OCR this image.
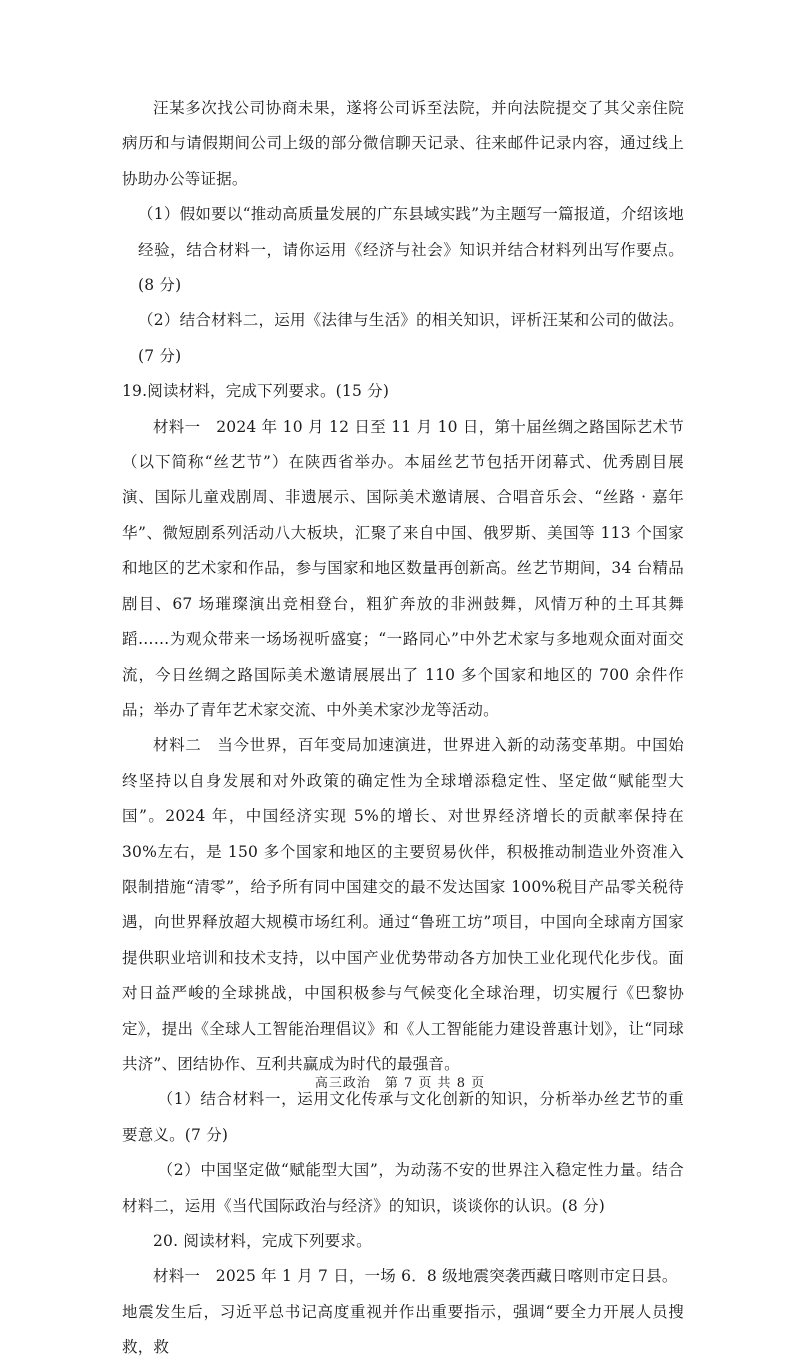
汪某多次找公司协商未果，遂将公司诉至法院，并向法院提交了其父亲住院病历和与请假期间公司上级的部分微信聊天记录、往来邮件记录内容，通过线上协助办公等证据。

（1）假如要以“推动高质量发展的广东县域实践”为主题写一篇报道，介绍该地经验，结合材料一，请你运用《经济与社会》知识并结合材料列出写作要点。(8 分)

（2）结合材料二，运用《法律与生活》的相关知识，评析汪某和公司的做法。(7 分)

19.阅读材料，完成下列要求。(15 分)

材料一　2024 年 10 月 12 日至 11 月 10 日，第十届丝绸之路国际艺术节（以下简称“丝艺节”）在陕西省举办。本届丝艺节包括开闭幕式、优秀剧目展演、国际儿童戏剧周、非遗展示、国际美术邀请展、合唱音乐会、“丝路 · 嘉年华”、微短剧系列活动八大板块，汇聚了来自中国、俄罗斯、美国等 113 个国家和地区的艺术家和作品，参与国家和地区数量再创新高。丝艺节期间，34 台精品剧目、67 场璀璨演出竞相登台，粗犷奔放的非洲鼓舞，风情万种的土耳其舞蹈……为观众带来一场场视听盛宴；“一路同心”中外艺术家与多地观众面对面交流，今日丝绸之路国际美术邀请展展出了 110 多个国家和地区的 700 余件作品；举办了青年艺术家交流、中外美术家沙龙等活动。

材料二　当今世界，百年变局加速演进，世界进入新的动荡变革期。中国始终坚持以自身发展和对外政策的确定性为全球增添稳定性、坚定做“赋能型大国”。2024 年，中国经济实现 5%的增长、对世界经济增长的贡献率保持在 30%左右，是 150 多个国家和地区的主要贸易伙伴，积极推动制造业外资准入限制措施“清零”，给予所有同中国建交的最不发达国家 100%税目产品零关税待遇，向世界释放超大规模市场红利。通过“鲁班工坊”项目，中国向全球南方国家提供职业培训和技术支持，以中国产业优势带动各方加快工业化现代化步伐。面对日益严峻的全球挑战，中国积极参与气候变化全球治理，切实履行《巴黎协定》，提出《全球人工智能治理倡议》和《人工智能能力建设普惠计划》，让“同球共济”、团结协作、互利共赢成为时代的最强音。

（1）结合材料一，运用文化传承与文化创新的知识，分析举办丝艺节的重要意义。(7 分)

（2）中国坚定做“赋能型大国”，为动荡不安的世界注入稳定性力量。结合材料二，运用《当代国际政治与经济》的知识，谈谈你的认识。(8 分)

20. 阅读材料，完成下列要求。

材料一　2025 年 1 月 7 日，一场 6．8 级地震突袭西藏日喀则市定日县。

地震发生后，习近平总书记高度重视并作出重要指示，强调“要全力开展人员搜救，救

高三政治　第 7 页 共 8 页
